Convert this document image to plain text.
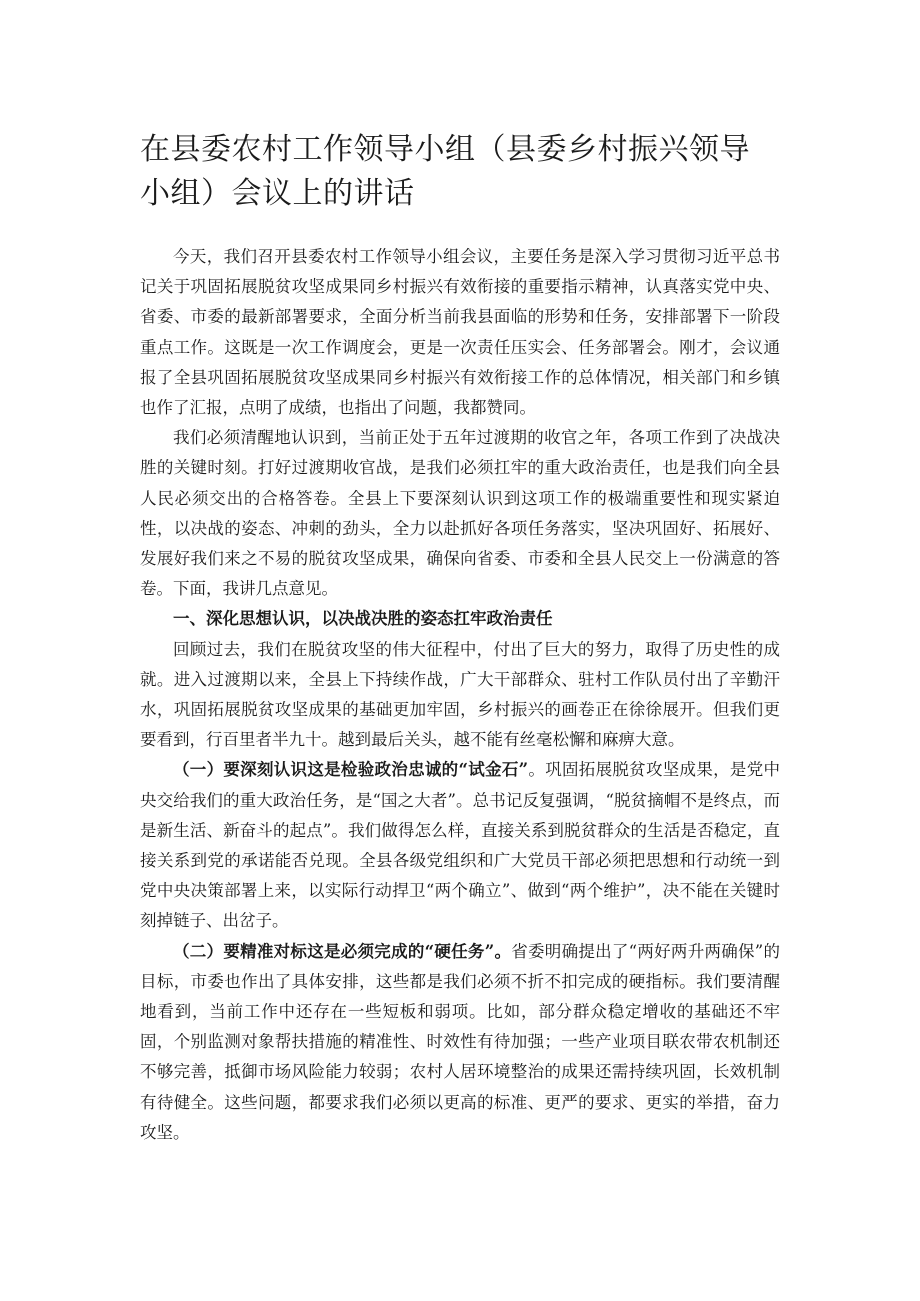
在县委农村工作领导小组（县委乡村振兴领导小组）会议上的讲话

今天，我们召开县委农村工作领导小组会议，主要任务是深入学习贯彻习近平总书记关于巩固拓展脱贫攻坚成果同乡村振兴有效衔接的重要指示精神，认真落实党中央、省委、市委的最新部署要求，全面分析当前我县面临的形势和任务，安排部署下一阶段重点工作。这既是一次工作调度会，更是一次责任压实会、任务部署会。刚才，会议通报了全县巩固拓展脱贫攻坚成果同乡村振兴有效衔接工作的总体情况，相关部门和乡镇也作了汇报，点明了成绩，也指出了问题，我都赞同。

我们必须清醒地认识到，当前正处于五年过渡期的收官之年，各项工作到了决战决胜的关键时刻。打好过渡期收官战，是我们必须扛牢的重大政治责任，也是我们向全县人民必须交出的合格答卷。全县上下要深刻认识到这项工作的极端重要性和现实紧迫性，以决战的姿态、冲刺的劲头，全力以赴抓好各项任务落实，坚决巩固好、拓展好、发展好我们来之不易的脱贫攻坚成果，确保向省委、市委和全县人民交上一份满意的答卷。下面，我讲几点意见。

一、深化思想认识，以决战决胜的姿态扛牢政治责任

回顾过去，我们在脱贫攻坚的伟大征程中，付出了巨大的努力，取得了历史性的成就。进入过渡期以来，全县上下持续作战，广大干部群众、驻村工作队员付出了辛勤汗水，巩固拓展脱贫攻坚成果的基础更加牢固，乡村振兴的画卷正在徐徐展开。但我们更要看到，行百里者半九十。越到最后关头，越不能有丝毫松懈和麻痹大意。

（一）要深刻认识这是检验政治忠诚的“试金石”。巩固拓展脱贫攻坚成果，是党中央交给我们的重大政治任务，是“国之大者”。总书记反复强调，“脱贫摘帽不是终点，而是新生活、新奋斗的起点”。我们做得怎么样，直接关系到脱贫群众的生活是否稳定，直接关系到党的承诺能否兑现。全县各级党组织和广大党员干部必须把思想和行动统一到党中央决策部署上来，以实际行动捍卫“两个确立”、做到“两个维护”，决不能在关键时刻掉链子、出岔子。

（二）要精准对标这是必须完成的“硬任务”。省委明确提出了“两好两升两确保”的目标，市委也作出了具体安排，这些都是我们必须不折不扣完成的硬指标。我们要清醒地看到，当前工作中还存在一些短板和弱项。比如，部分群众稳定增收的基础还不牢固，个别监测对象帮扶措施的精准性、时效性有待加强；一些产业项目联农带农机制还不够完善，抵御市场风险能力较弱；农村人居环境整治的成果还需持续巩固，长效机制有待健全。这些问题，都要求我们必须以更高的标准、更严的要求、更实的举措，奋力攻坚。
